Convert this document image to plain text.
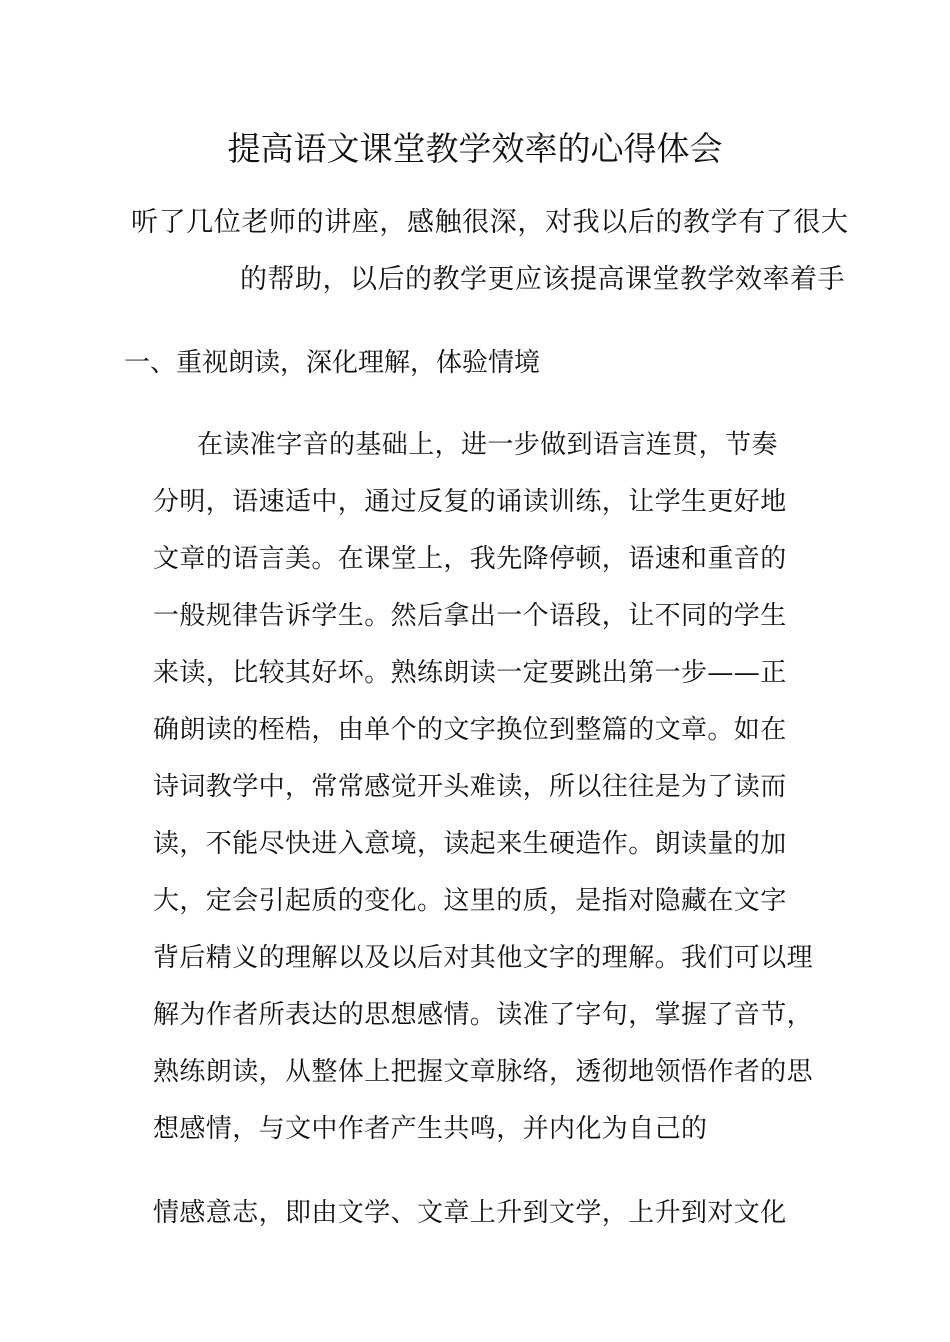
提高语文课堂教学效率的心得体会
听了几位老师的讲座，感触很深，对我以后的教学有了很大
的帮助，以后的教学更应该提高课堂教学效率着手
一、重视朗读，深化理解，体验情境
在读准字音的基础上，进一步做到语言连贯，节奏
分明，语速适中，通过反复的诵读训练，让学生更好地
文章的语言美。在课堂上，我先降停顿，语速和重音的
一般规律告诉学生。然后拿出一个语段，让不同的学生
来读，比较其好坏。熟练朗读一定要跳出第一步——正
确朗读的桎梏，由单个的文字换位到整篇的文章。如在
诗词教学中，常常感觉开头难读，所以往往是为了读而
读，不能尽快进入意境，读起来生硬造作。朗读量的加
大，定会引起质的变化。这里的质，是指对隐藏在文字
背后精义的理解以及以后对其他文字的理解。我们可以理
解为作者所表达的思想感情。读准了字句，掌握了音节，
熟练朗读，从整体上把握文章脉络，透彻地领悟作者的思
想感情，与文中作者产生共鸣，并内化为自己的
情感意志，即由文学、文章上升到文学，上升到对文化
